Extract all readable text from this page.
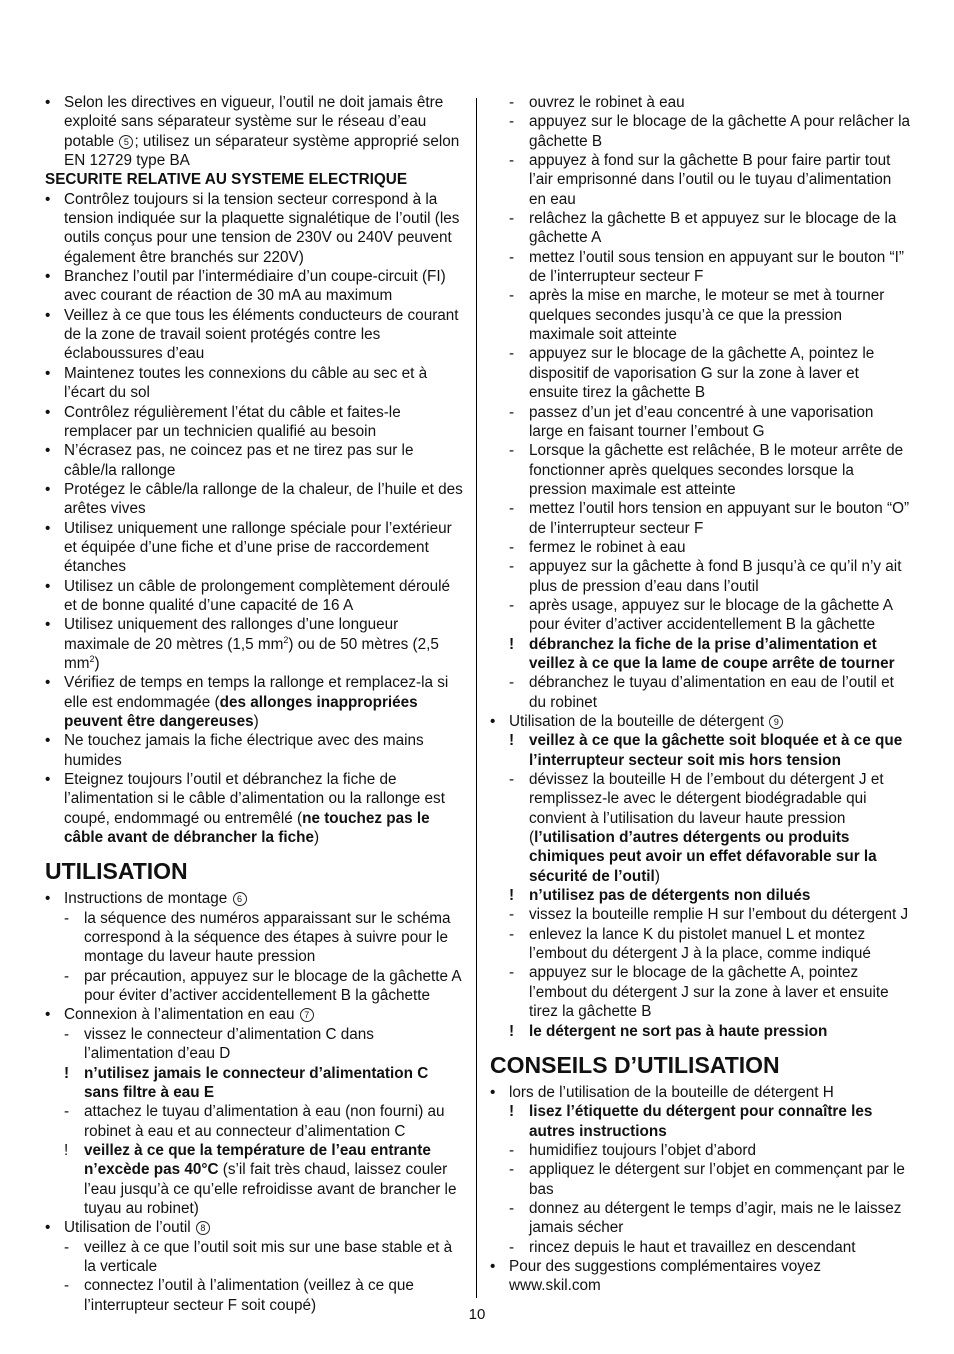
• Selon les directives en vigueur, l’outil ne doit jamais être exploité sans séparateur système sur le réseau d’eau potable 5 ; utilisez un séparateur système approprié selon EN 12729 type BA
SECURITE RELATIVE AU SYSTEME ELECTRIQUE
• Contrôlez toujours si la tension secteur correspond à la tension indiquée sur la plaquette signalétique de l’outil (les outils conçus pour une tension de 230V ou 240V peuvent également être branchés sur 220V)
• Branchez l’outil par l’intermédiaire d’un coupe-circuit (FI) avec courant de réaction de 30 mA au maximum
• Veillez à ce que tous les éléments conducteurs de courant de la zone de travail soient protégés contre les éclaboussures d’eau
• Maintenez toutes les connexions du câble au sec et à l’écart du sol
• Contrôlez régulièrement l’état du câble et faites-le remplacer par un technicien qualifié au besoin
• N’écrasez pas, ne coincez pas et ne tirez pas sur le câble/la rallonge
• Protégez le câble/la rallonge de la chaleur, de l’huile et des arêtes vives
• Utilisez uniquement une rallonge spéciale pour l’extérieur et équipée d’une fiche et d’une prise de raccordement étanches
• Utilisez un câble de prolongement complètement déroulé et de bonne qualité d’une capacité de 16 A
• Utilisez uniquement des rallonges d’une longueur maximale de 20 mètres (1,5 $mm^2$) ou de 50 mètres (2,5 $mm^2$)
• Vérifiez de temps en temps la rallonge et remplacez-la si elle est endommagée (des allonges inappropriées peuvent être dangereuses)
• Ne touchez jamais la fiche électrique avec des mains humides
• Eteignez toujours l’outil et débranchez la fiche de l’alimentation si le câble d’alimentation ou la rallonge est coupé, endommagé ou entremêlé (ne touchez pas le câble avant de débrancher la fiche)
UTILISATION
• Instructions de montage 6
- la séquence des numéros apparaissant sur le schéma correspond à la séquence des étapes à suivre pour le montage du laveur haute pression
- par précaution, appuyez sur le blocage de la gâchette A pour éviter d’activer accidentellement B la gâchette
• Connexion à l’alimentation en eau 7
- vissez le connecteur d’alimentation C dans l’alimentation d’eau D
! n’utilisez jamais le connecteur d’alimentation C sans filtre à eau E
- attachez le tuyau d’alimentation à eau (non fourni) au robinet à eau et au connecteur d’alimentation C
! veillez à ce que la température de l’eau entrante n’excède pas 40°C (s’il fait très chaud, laissez couler l’eau jusqu’à ce qu’elle refroidisse avant de brancher le tuyau au robinet)
• Utilisation de l’outil 8
- veillez à ce que l’outil soit mis sur une base stable et à la verticale
- connectez l’outil à l’alimentation (veillez à ce que l’interrupteur secteur F soit coupé)
- ouvrez le robinet à eau
- appuyez sur le blocage de la gâchette A pour relâcher la gâchette B
- appuyez à fond sur la gâchette B pour faire partir tout l’air emprisonné dans l’outil ou le tuyau d’alimentation en eau
- relâchez la gâchette B et appuyez sur le blocage de la gâchette A
- mettez l’outil sous tension en appuyant sur le bouton “I” de l’interrupteur secteur F
- après la mise en marche, le moteur se met à tourner quelques secondes jusqu’à ce que la pression maximale soit atteinte
- appuyez sur le blocage de la gâchette A, pointez le dispositif de vaporisation G sur la zone à laver et ensuite tirez la gâchette B
- passez d’un jet d’eau concentré à une vaporisation large en faisant tourner l’embout G
- Lorsque la gâchette est relâchée, B le moteur arrête de fonctionner après quelques secondes lorsque la pression maximale est atteinte
- mettez l’outil hors tension en appuyant sur le bouton “O” de l’interrupteur secteur F
- fermez le robinet à eau
- appuyez sur la gâchette à fond B jusqu’à ce qu’il n’y ait plus de pression d’eau dans l’outil
- après usage, appuyez sur le blocage de la gâchette A pour éviter d’activer accidentellement B la gâchette
! débranchez la fiche de la prise d’alimentation et veillez à ce que la lame de coupe arrête de tourner
- débranchez le tuyau d’alimentation en eau de l’outil et du robinet
• Utilisation de la bouteille de détergent 9
! veillez à ce que la gâchette soit bloquée et à ce que l’interrupteur secteur soit mis hors tension
- dévissez la bouteille H de l’embout du détergent J et remplissez-le avec le détergent biodégradable qui convient à l’utilisation du laveur haute pression (l’utilisation d’autres détergents ou produits chimiques peut avoir un effet défavorable sur la sécurité de l’outil)
! n’utilisez pas de détergents non dilués
- vissez la bouteille remplie H sur l’embout du détergent J
- enlevez la lance K du pistolet manuel L et montez l’embout du détergent J à la place, comme indiqué
- appuyez sur le blocage de la gâchette A, pointez l’embout du détergent J sur la zone à laver et ensuite tirez la gâchette B
! le détergent ne sort pas à haute pression
CONSEILS D’UTILISATION
• lors de l’utilisation de la bouteille de détergent H
! lisez l’étiquette du détergent pour connaître les autres instructions
- humidifiez toujours l’objet d’abord
- appliquez le détergent sur l’objet en commençant par le bas
- donnez au détergent le temps d’agir, mais ne le laissez jamais sécher
- rincez depuis le haut et travaillez en descendant
• Pour des suggestions complémentaires voyez www.skil.com
10
